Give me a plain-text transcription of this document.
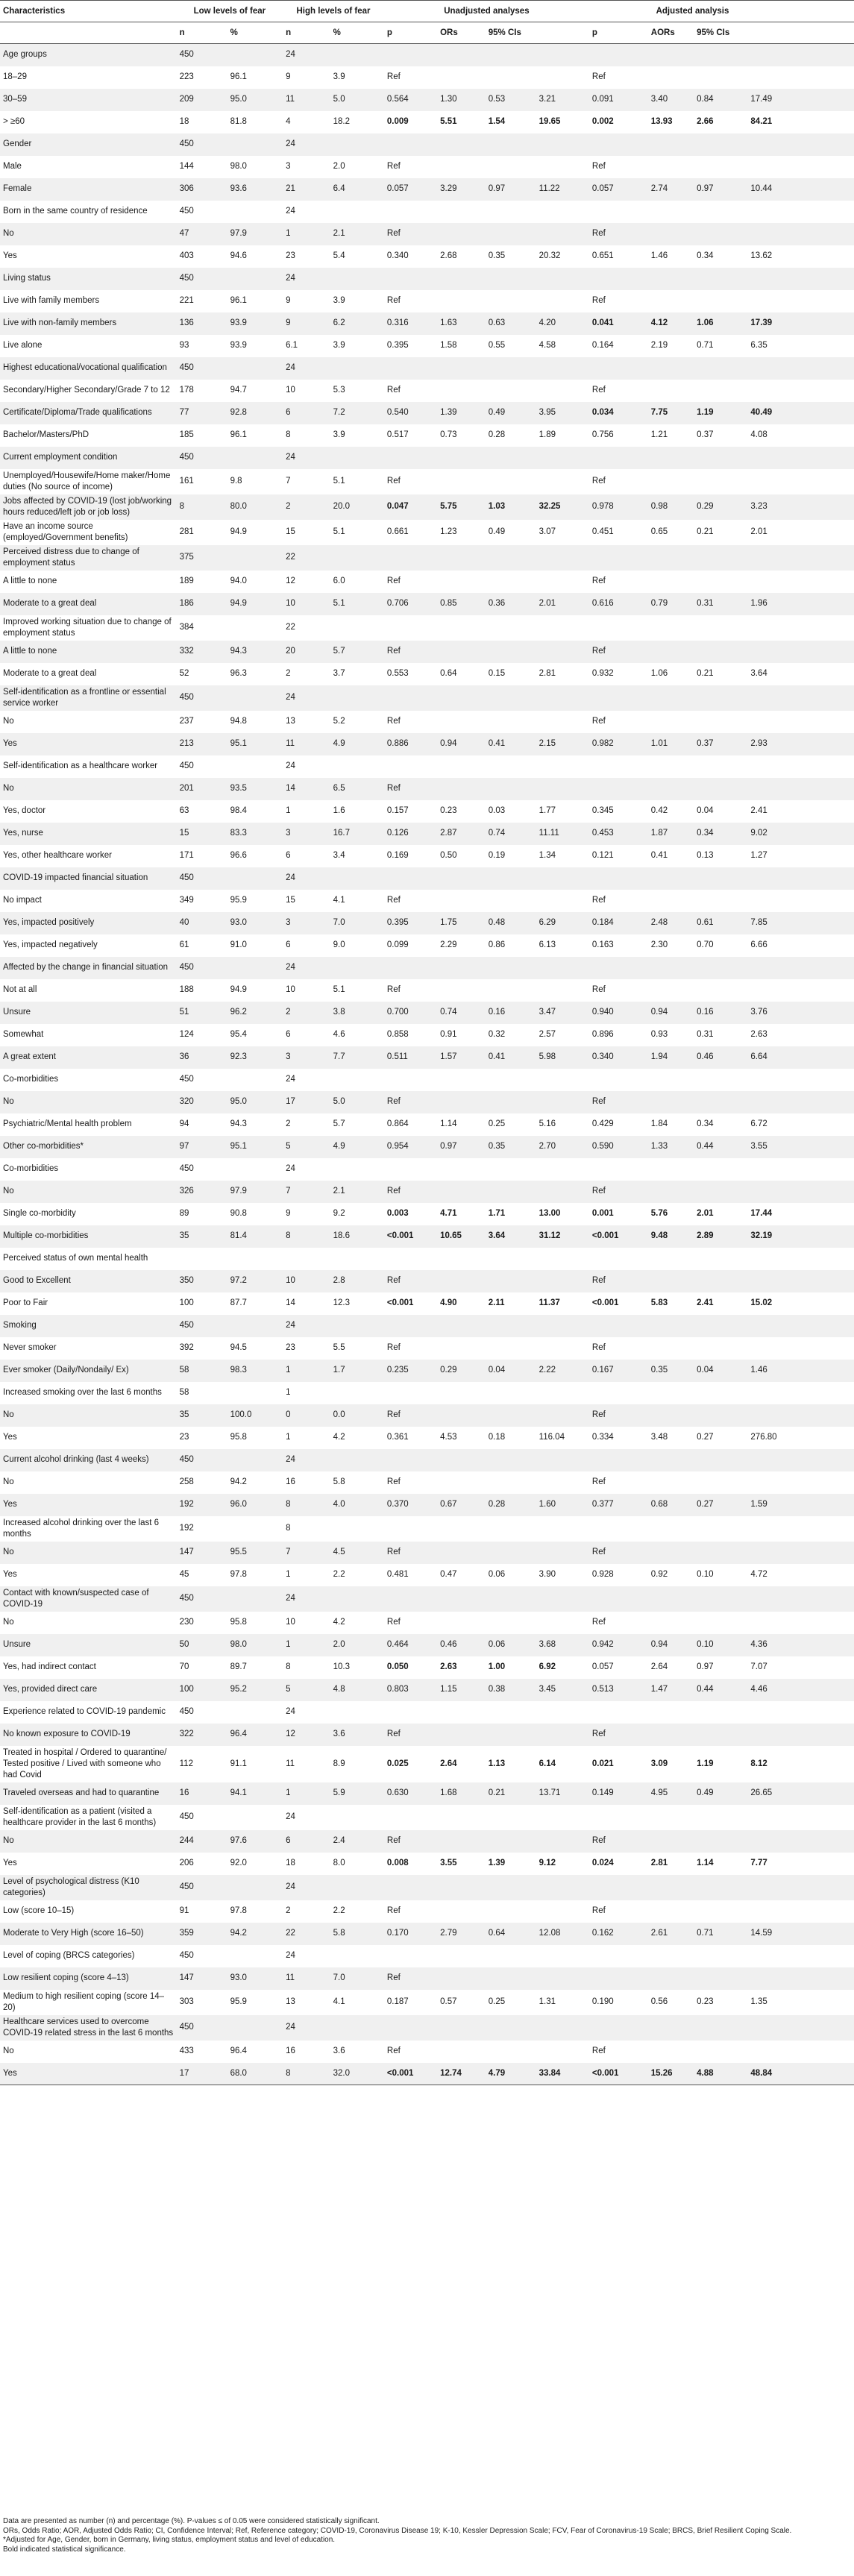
Characteristics	Low levels of fear		High levels of fear		Unadjusted analyses				Adjusted analysis				
	n	%	n	%	p	ORs	95% CIs		p	AORs	95% CIs		
Age groups	450		24										
18–29	223	96.1	9	3.9	Ref				Ref				
30–59	209	95.0	11	5.0	0.564	1.30	0.53	3.21	0.091	3.40	0.84	17.49	
> ≥60	18	81.8	4	18.2	0.009	5.51	1.54	19.65	0.002	13.93	2.66	84.21	
Gender	450		24										
Male	144	98.0	3	2.0	Ref				Ref				
Female	306	93.6	21	6.4	0.057	3.29	0.97	11.22	0.057	2.74	0.97	10.44	
Born in the same country of residence	450		24										
No	47	97.9	1	2.1	Ref				Ref				
Yes	403	94.6	23	5.4	0.340	2.68	0.35	20.32	0.651	1.46	0.34	13.62	
Living status	450		24										
Live with family members	221	96.1	9	3.9	Ref				Ref				
Live with non-family members	136	93.9	9	6.2	0.316	1.63	0.63	4.20	0.041	4.12	1.06	17.39	
Live alone	93	93.9	6.1	3.9	0.395	1.58	0.55	4.58	0.164	2.19	0.71	6.35	
Highest educational/vocational qualification	450		24										
Secondary/Higher Secondary/Grade 7 to 12	178	94.7	10	5.3	Ref				Ref				
Certificate/Diploma/Trade qualifications	77	92.8	6	7.2	0.540	1.39	0.49	3.95	0.034	7.75	1.19	40.49	
Bachelor/Masters/PhD	185	96.1	8	3.9	0.517	0.73	0.28	1.89	0.756	1.21	0.37	4.08	
Current employment condition	450		24										
Unemployed/Housewife/Home maker/Home duties (No source of income)	161	9.8	7	5.1	Ref				Ref				
Jobs affected by COVID-19 (lost job/working hours reduced/left job or job loss)	8	80.0	2	20.0	0.047	5.75	1.03	32.25	0.978	0.98	0.29	3.23	
Have an income source (employed/Government benefits)	281	94.9	15	5.1	0.661	1.23	0.49	3.07	0.451	0.65	0.21	2.01	
Perceived distress due to change of employment status	375		22										
A little to none	189	94.0	12	6.0	Ref				Ref				
Moderate to a great deal	186	94.9	10	5.1	0.706	0.85	0.36	2.01	0.616	0.79	0.31	1.96	
Improved working situation due to change of employment status	384		22										
A little to none	332	94.3	20	5.7	Ref				Ref				
Moderate to a great deal	52	96.3	2	3.7	0.553	0.64	0.15	2.81	0.932	1.06	0.21	3.64	
Self-identification as a frontline or essential service worker	450		24										
No	237	94.8	13	5.2	Ref				Ref				
Yes	213	95.1	11	4.9	0.886	0.94	0.41	2.15	0.982	1.01	0.37	2.93	
Self-identification as a healthcare worker	450		24										
No	201	93.5	14	6.5	Ref								
Yes, doctor	63	98.4	1	1.6	0.157	0.23	0.03	1.77	0.345	0.42	0.04	2.41	
Yes, nurse	15	83.3	3	16.7	0.126	2.87	0.74	11.11	0.453	1.87	0.34	9.02	
Yes, other healthcare worker	171	96.6	6	3.4	0.169	0.50	0.19	1.34	0.121	0.41	0.13	1.27	
COVID-19 impacted financial situation	450		24										
No impact	349	95.9	15	4.1	Ref				Ref				
Yes, impacted positively	40	93.0	3	7.0	0.395	1.75	0.48	6.29	0.184	2.48	0.61	7.85	
Yes, impacted negatively	61	91.0	6	9.0	0.099	2.29	0.86	6.13	0.163	2.30	0.70	6.66	
Affected by the change in financial situation	450		24										
Not at all	188	94.9	10	5.1	Ref				Ref				
Unsure	51	96.2	2	3.8	0.700	0.74	0.16	3.47	0.940	0.94	0.16	3.76	
Somewhat	124	95.4	6	4.6	0.858	0.91	0.32	2.57	0.896	0.93	0.31	2.63	
A great extent	36	92.3	3	7.7	0.511	1.57	0.41	5.98	0.340	1.94	0.46	6.64	
Co-morbidities	450		24										
No	320	95.0	17	5.0	Ref				Ref				
Psychiatric/Mental health problem	94	94.3	2	5.7	0.864	1.14	0.25	5.16	0.429	1.84	0.34	6.72	
Other co-morbidities*	97	95.1	5	4.9	0.954	0.97	0.35	2.70	0.590	1.33	0.44	3.55	
Co-morbidities	450		24										
No	326	97.9	7	2.1	Ref				Ref				
Single co-morbidity	89	90.8	9	9.2	0.003	4.71	1.71	13.00	0.001	5.76	2.01	17.44	
Multiple co-morbidities	35	81.4	8	18.6	<0.001	10.65	3.64	31.12	<0.001	9.48	2.89	32.19	
Perceived status of own mental health													
Good to Excellent	350	97.2	10	2.8	Ref				Ref				
Poor to Fair	100	87.7	14	12.3	<0.001	4.90	2.11	11.37	<0.001	5.83	2.41	15.02	
Smoking	450		24										
Never smoker	392	94.5	23	5.5	Ref				Ref				
Ever smoker (Daily/Nondaily/ Ex)	58	98.3	1	1.7	0.235	0.29	0.04	2.22	0.167	0.35	0.04	1.46	
Increased smoking over the last 6 months	58		1										
No	35	100.0	0	0.0	Ref				Ref				
Yes	23	95.8	1	4.2	0.361	4.53	0.18	116.04	0.334	3.48	0.27	276.80	
Current alcohol drinking (last 4 weeks)	450		24										
No	258	94.2	16	5.8	Ref				Ref				
Yes	192	96.0	8	4.0	0.370	0.67	0.28	1.60	0.377	0.68	0.27	1.59	
Increased alcohol drinking over the last 6 months	192		8										
No	147	95.5	7	4.5	Ref				Ref				
Yes	45	97.8	1	2.2	0.481	0.47	0.06	3.90	0.928	0.92	0.10	4.72	
Contact with known/suspected case of COVID-19	450		24										
No	230	95.8	10	4.2	Ref				Ref				
Unsure	50	98.0	1	2.0	0.464	0.46	0.06	3.68	0.942	0.94	0.10	4.36	
Yes, had indirect contact	70	89.7	8	10.3	0.050	2.63	1.00	6.92	0.057	2.64	0.97	7.07	
Yes, provided direct care	100	95.2	5	4.8	0.803	1.15	0.38	3.45	0.513	1.47	0.44	4.46	
Experience related to COVID-19 pandemic	450		24										
No known exposure to COVID-19	322	96.4	12	3.6	Ref				Ref				
Treated in hospital / Ordered to quarantine/ Tested positive / Lived with someone who had Covid	112	91.1	11	8.9	0.025	2.64	1.13	6.14	0.021	3.09	1.19	8.12	
Traveled overseas and had to quarantine	16	94.1	1	5.9	0.630	1.68	0.21	13.71	0.149	4.95	0.49	26.65	
Self-identification as a patient (visited a healthcare provider in the last 6 months)	450		24										
No	244	97.6	6	2.4	Ref				Ref				
Yes	206	92.0	18	8.0	0.008	3.55	1.39	9.12	0.024	2.81	1.14	7.77	
Level of psychological distress (K10 categories)	450		24										
Low (score 10–15)	91	97.8	2	2.2	Ref				Ref				
Moderate to Very High (score 16–50)	359	94.2	22	5.8	0.170	2.79	0.64	12.08	0.162	2.61	0.71	14.59	
Level of coping (BRCS categories)	450		24										
Low resilient coping (score 4–13)	147	93.0	11	7.0	Ref								
Medium to high resilient coping (score 14–20)	303	95.9	13	4.1	0.187	0.57	0.25	1.31	0.190	0.56	0.23	1.35	
Healthcare services used to overcome COVID-19 related stress in the last 6 months	450		24										
No	433	96.4	16	3.6	Ref				Ref				
Yes	17	68.0	8	32.0	<0.001	12.74	4.79	33.84	<0.001	15.26	4.88	48.84	

Data are presented as number (n) and percentage (%). P-values ≤ of 0.05 were considered statistically significant.

ORs, Odds Ratio; AOR, Adjusted Odds Ratio; CI, Confidence Interval; Ref, Reference category; COVID-19, Coronavirus Disease 19; K-10, Kessler Depression Scale; FCV, Fear of Coronavirus-19 Scale; BRCS, Brief Resilient Coping Scale.

*Adjusted for Age, Gender, born in Germany, living status, employment status and level of education.

Bold indicated statistical significance.
